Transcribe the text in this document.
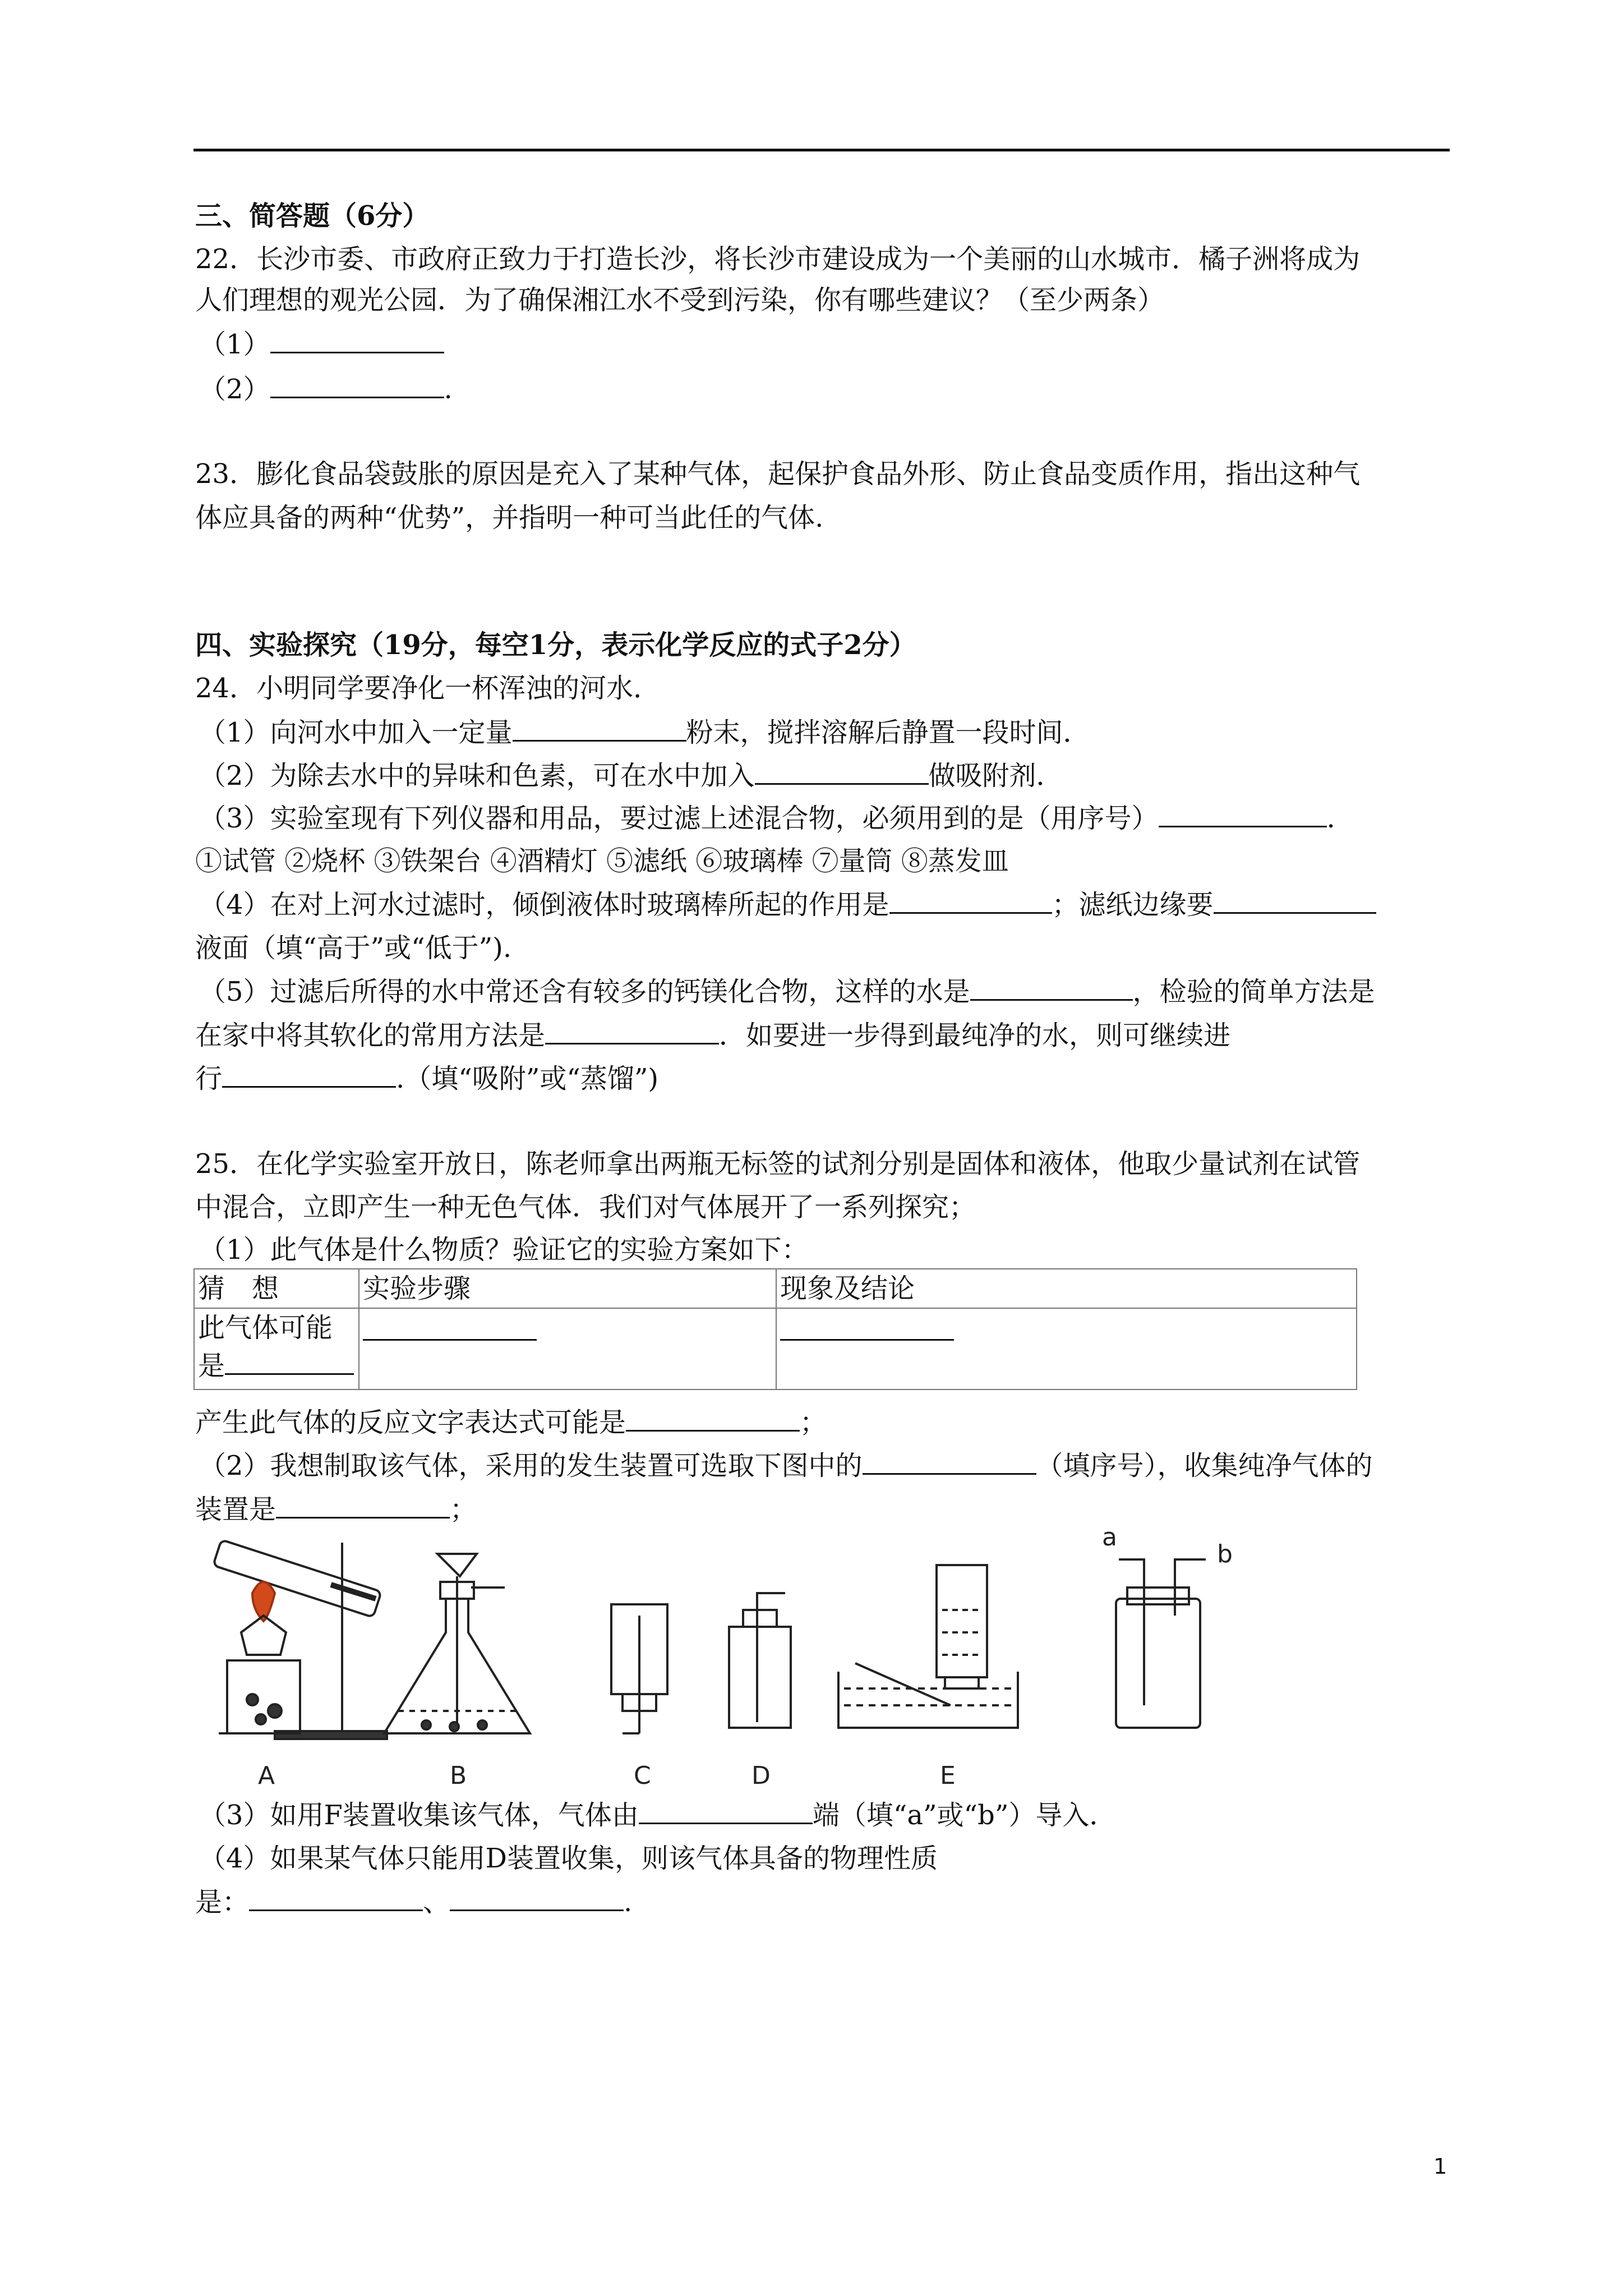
三、简答题（6分）
22．长沙市委、市政府正致力于打造长沙，将长沙市建设成为一个美丽的山水城市．橘子洲将成为
人们理想的观光公园．为了确保湘江水不受到污染，你有哪些建议？（至少两条）
（1）
（2）	.
23．膨化食品袋鼓胀的原因是充入了某种气体，起保护食品外形、防止食品变质作用，指出这种气
体应具备的两种“优势”，并指明一种可当此任的气体.
四、实验探究（19分，每空1分，表示化学反应的式子2分）
24．小明同学要净化一杯浑浊的河水．
（1）向河水中加入一定量	粉末，搅拌溶解后静置一段时间．
（2）为除去水中的异味和色素，可在水中加入	做吸附剂．
（3）实验室现有下列仪器和用品，要过滤上述混合物，必须用到的是（用序号）	.
①试管 ②烧杯 ③铁架台 ④酒精灯 ⑤滤纸 ⑥玻璃棒 ⑦量筒 ⑧蒸发皿
（4）在对上河水过滤时，倾倒液体时玻璃棒所起的作用是	；滤纸边缘要
液面（填“高于”或“低于”).
（5）过滤后所得的水中常还含有较多的钙镁化合物，这样的水是	，检验的简单方法是
在家中将其软化的常用方法是	．如要进一步得到最纯净的水，则可继续进
行	.（填“吸附”或“蒸馏”)
25．在化学实验室开放日，陈老师拿出两瓶无标签的试剂分别是固体和液体，他取少量试剂在试管
中混合，立即产生一种无色气体．我们对气体展开了一系列探究；
（1）此气体是什么物质？验证它的实验方案如下：
猜　想	实验步骤	现象及结论

此气体可能
是		

产生此气体的反应文字表达式可能是	；
（2）我想制取该气体，采用的发生装置可选取下图中的	（填序号），收集纯净气体的
装置是	；
A	B	C	D	E
a
b
（3）如用F装置收集该气体，气体由	端（填“a”或“b”）导入．
（4）如果某气体只能用D装置收集，则该气体具备的物理性质
是：	、	.
1
